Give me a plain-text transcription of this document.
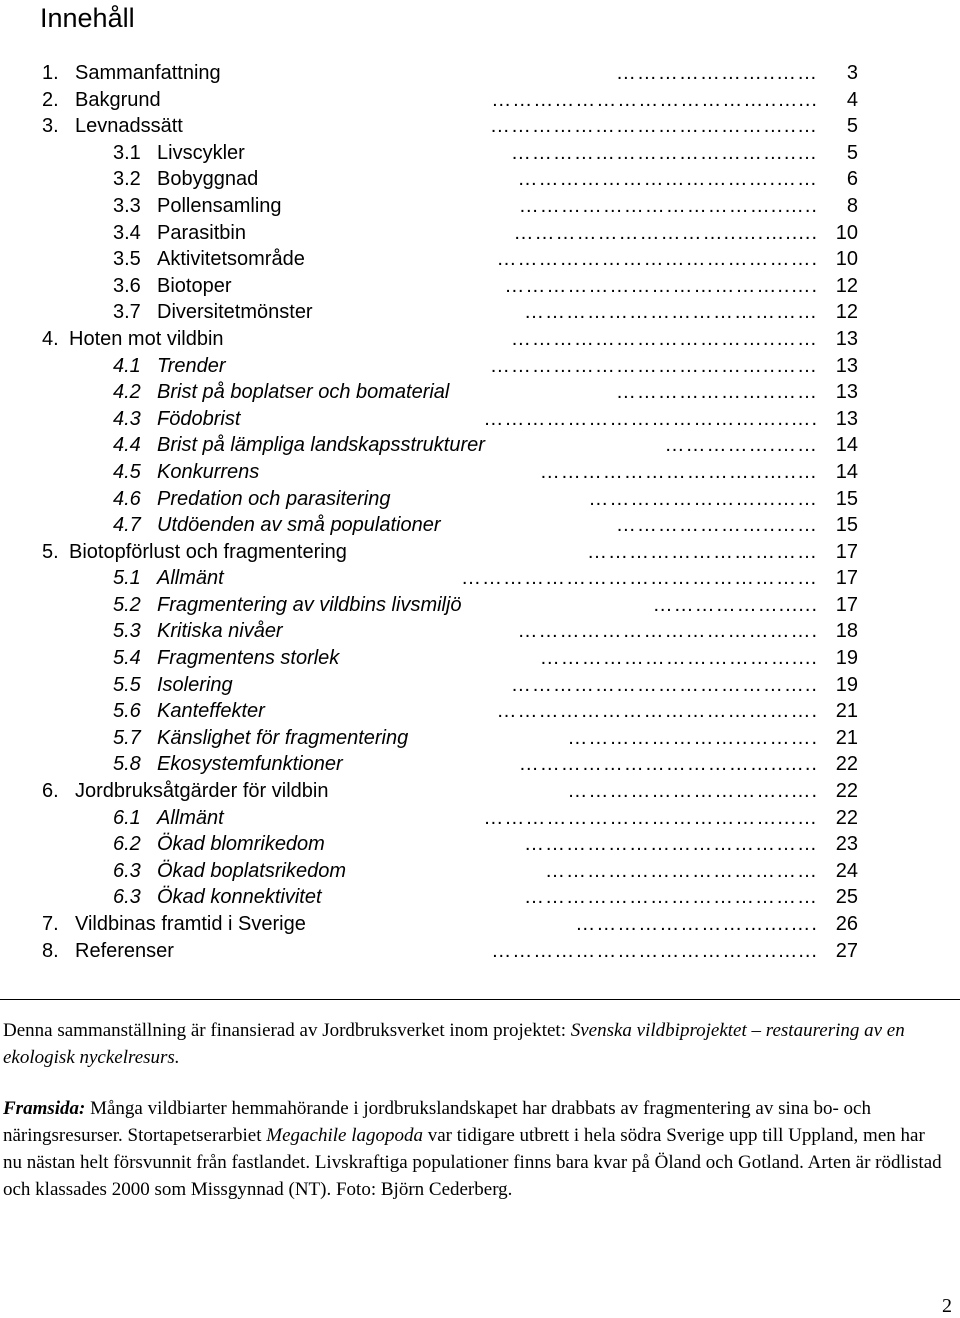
Innehåll
1. Sammanfattning	…………………..……	3
2. Bakgrund	…………………………………..…...	4
3. Levnadssätt	……………………………………..…	5
3.1 Livscykler	…………………………………..…	5
3.2 Bobyggnad	……………………………….……	6
3.3 Pollensamling	………………………………..…..	8
3.4 Parasitbin	…………………………..….…..... 10
3.5 Aktivitetsområde	………………………………………. 10
3.6 Biotoper	…………………………………..…. 12
3.7 Diversitetmönster	…………………………………… 12
4. Hoten mot vildbin	………………………………..…… 13
4.1 Trender	…………………………………..…… 13
4.2 Brist på boplatser och bomaterial	…………………..…… 13
4.3 Födobrist	……………………………………..…. 13
4.4 Brist på lämpliga landskapsstrukturer	…………….…… 14
4.5 Konkurrens	…………………………..…..… 14
4.6 Predation och parasitering	……………………...…… 15
4.7 Utdöenden av små populationer	…………………..…… 15
5. Biotopförlust och fragmentering	…………………………… 17
5.1 Allmänt	…………………………………………… 17
5.2 Fragmentering av vildbins livsmiljö	………………...... 17
5.3 Kritiska nivåer	……………………………………. 18
5.4 Fragmentens storlek	……………………………….... 19
5.5 Isolering	…………………………………….. 19
5.6 Kanteffekter	………………………………………. 21
5.7 Känslighet för fragmentering	……………………..………. 21
5.8 Ekosystemfunktioner	………………………………..….. 22
6. Jordbruksåtgärder för vildbin	…………………………..…. 22
6.1 Allmänt	……………………………………...… 22
6.2 Ökad blomrikedom	…………………………………… 23
6.3 Ökad boplatsrikedom	………………………………… 24
6.3 Ökad konnektivitet	…………………………………… 25
7. Vildbinas framtid i Sverige	………………………....…. 26
8. Referenser	…………………………………..…... 27

Denna sammanställning är finansierad av Jordbruksverket inom projektet: Svenska vildbiprojektet – restaurering av en ekologisk nyckelresurs.

Framsida: Många vildbiarter hemmahörande i jordbrukslandskapet har drabbats av fragmentering av sina bo- och näringsresurser. Stortapetserarbiet Megachile lagopoda var tidigare utbrett i hela södra Sverige upp till Uppland, men har nu nästan helt försvunnit från fastlandet. Livskraftiga populationer finns bara kvar på Öland och Gotland. Arten är rödlistad och klassades 2000 som Missgynnad (NT). Foto: Björn Cederberg.

2
